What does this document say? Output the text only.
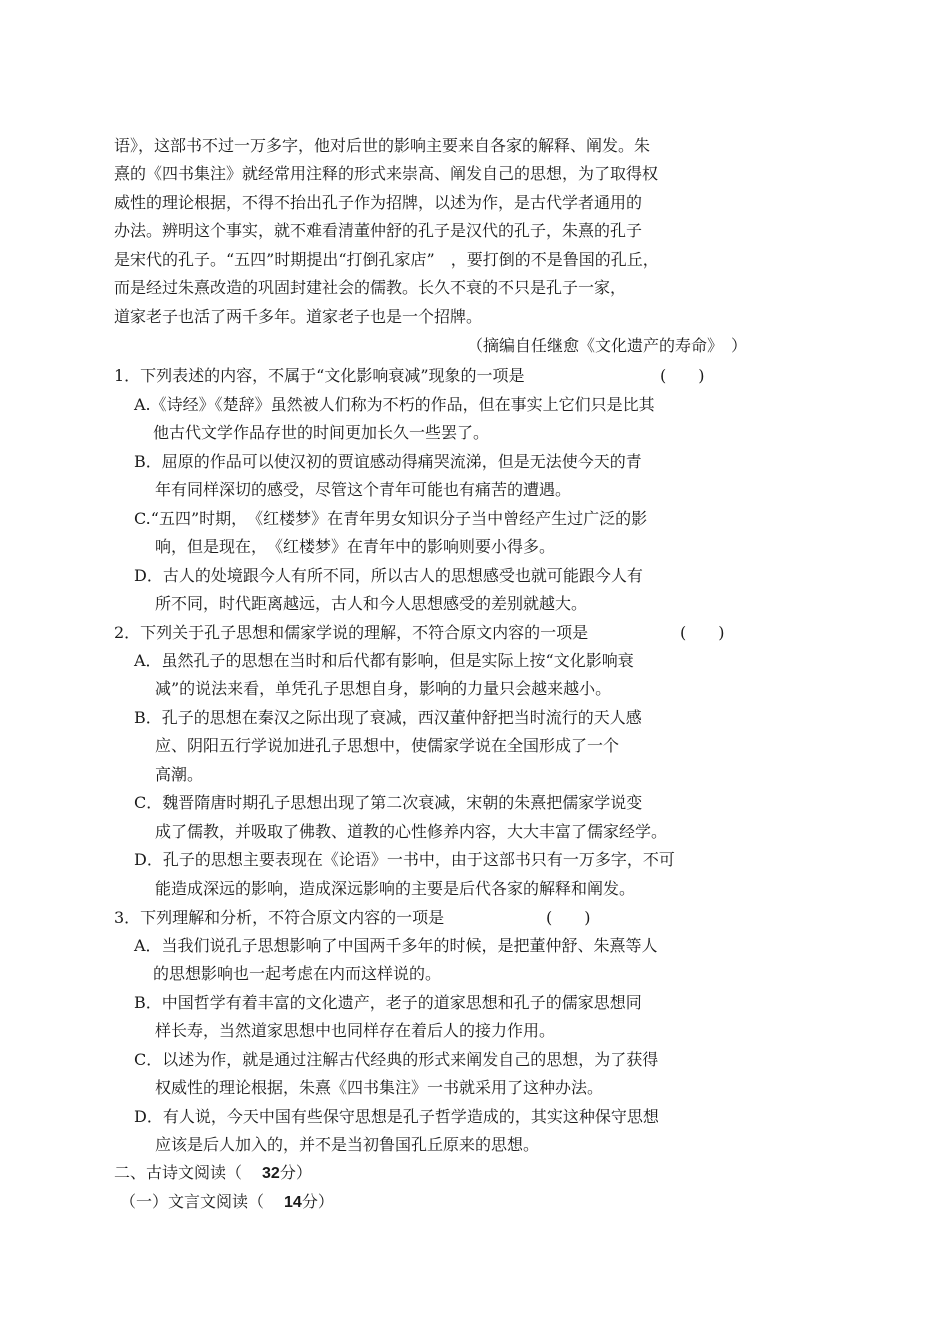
语》，这部书不过一万多字，他对后世的影响主要来自各家的解释、阐发。朱
熹的《四书集注》就经常用注释的形式来崇高、阐发自己的思想，为了取得权
威性的理论根据，不得不抬出孔子作为招牌，以述为作，是古代学者通用的
办法。辨明这个事实，就不难看清董仲舒的孔子是汉代的孔子，朱熹的孔子
是宋代的孔子。“五四”时期提出“打倒孔家店”　，要打倒的不是鲁国的孔丘，
而是经过朱熹改造的巩固封建社会的儒教。长久不衰的不只是孔子一家，
道家老子也活了两千多年。道家老子也是一个招牌。
（摘编自任继愈《文化遗产的寿命》　）
1．下列表述的内容，不属于“文化影响衰减”现象的一项是	(　　)
A.《诗经》《楚辞》虽然被人们称为不朽的作品，但在事实上它们只是比其
他古代文学作品存世的时间更加长久一些罢了。
B．屈原的作品可以使汉初的贾谊感动得痛哭流涕，但是无法使今天的青
年有同样深切的感受，尽管这个青年可能也有痛苦的遭遇。
C.“五四”时期，　《红楼梦》在青年男女知识分子当中曾经产生过广泛的影
响，但是现在，　《红楼梦》在青年中的影响则要小得多。
D．古人的处境跟今人有所不同，所以古人的思想感受也就可能跟今人有
所不同，时代距离越远，古人和今人思想感受的差别就越大。
2．下列关于孔子思想和儒家学说的理解，不符合原文内容的一项是	(　　)
A．虽然孔子的思想在当时和后代都有影响，但是实际上按“文化影响衰
减”的说法来看，单凭孔子思想自身，影响的力量只会越来越小。
B．孔子的思想在秦汉之际出现了衰减，西汉董仲舒把当时流行的天人感
应、阴阳五行学说加进孔子思想中，使儒家学说在全国形成了一个
高潮。
C．魏晋隋唐时期孔子思想出现了第二次衰减，宋朝的朱熹把儒家学说变
成了儒教，并吸取了佛教、道教的心性修养内容，大大丰富了儒家经学。
D．孔子的思想主要表现在《论语》一书中，由于这部书只有一万多字，不可
能造成深远的影响，造成深远影响的主要是后代各家的解释和阐发。
3．下列理解和分析，不符合原文内容的一项是	(　　)
A．当我们说孔子思想影响了中国两千多年的时候，是把董仲舒、朱熹等人
的思想影响也一起考虑在内而这样说的。
B．中国哲学有着丰富的文化遗产，老子的道家思想和孔子的儒家思想同
样长寿，当然道家思想中也同样存在着后人的接力作用。
C．以述为作，就是通过注解古代经典的形式来阐发自己的思想，为了获得
权威性的理论根据，朱熹《四书集注》一书就采用了这种办法。
D．有人说，今天中国有些保守思想是孔子哲学造成的，其实这种保守思想
应该是后人加入的，并不是当初鲁国孔丘原来的思想。
二、古诗文阅读（ 32分）
（一）文言文阅读（ 14分）
